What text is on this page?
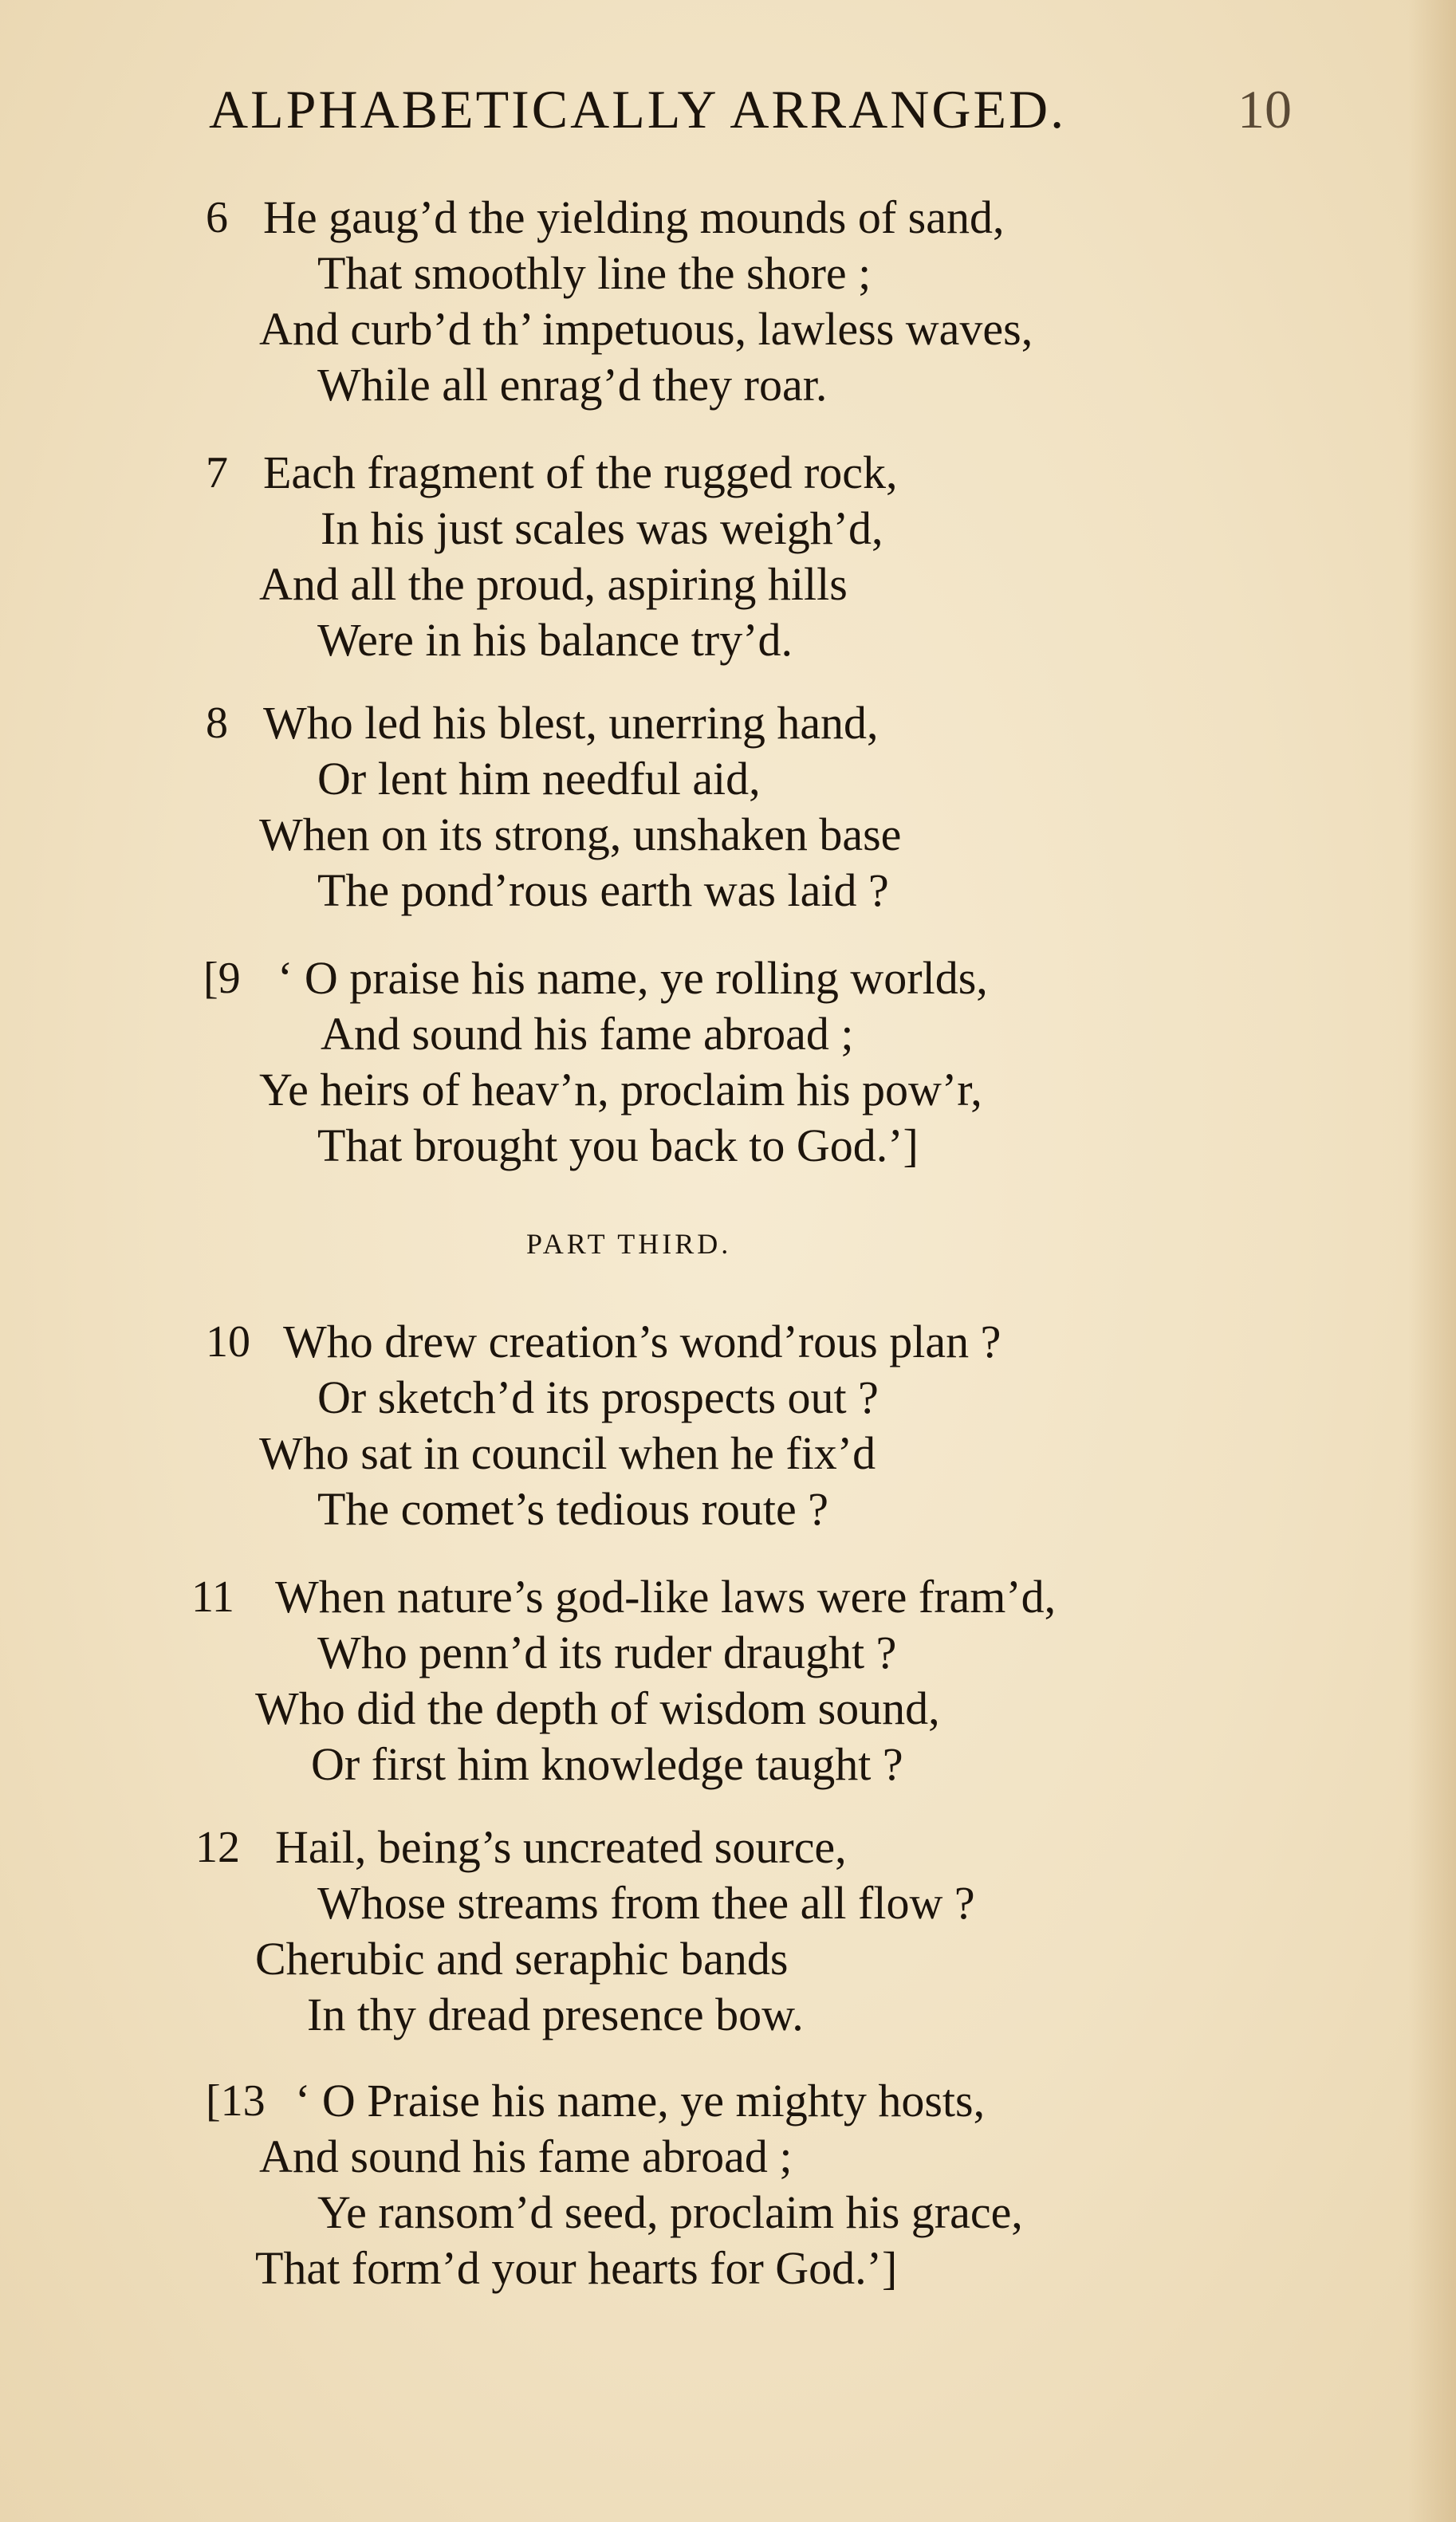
ALPHABETICALLY ARRANGED.	10
6 He gaug’d the yielding mounds of sand,
That smoothly line the shore ;
And curb’d th’ impetuous, lawless waves,
While all enrag’d they roar.
7 Each fragment of the rugged rock,
In his just scales was weigh’d,
And all the proud, aspiring hills
Were in his balance try’d.
8 Who led his blest, unerring hand,
Or lent him needful aid,
When on its strong, unshaken base
The pond’rous earth was laid ?
[9 ‘ O praise his name, ye rolling worlds,
And sound his fame abroad ;
Ye heirs of heav’n, proclaim his pow’r,
That brought you back to God.’]
PART THIRD.
10 Who drew creation’s wond’rous plan ?
Or sketch’d its prospects out ?
Who sat in council when he fix’d
The comet’s tedious route ?
11 When nature’s god-like laws were fram’d,
Who penn’d its ruder draught ?
Who did the depth of wisdom sound,
Or first him knowledge taught ?
12 Hail, being’s uncreated source,
Whose streams from thee all flow ?
Cherubic and seraphic bands
In thy dread presence bow.
[13 ‘ O Praise his name, ye mighty hosts,
And sound his fame abroad ;
Ye ransom’d seed, proclaim his grace,
That form’d your hearts for God.’]
